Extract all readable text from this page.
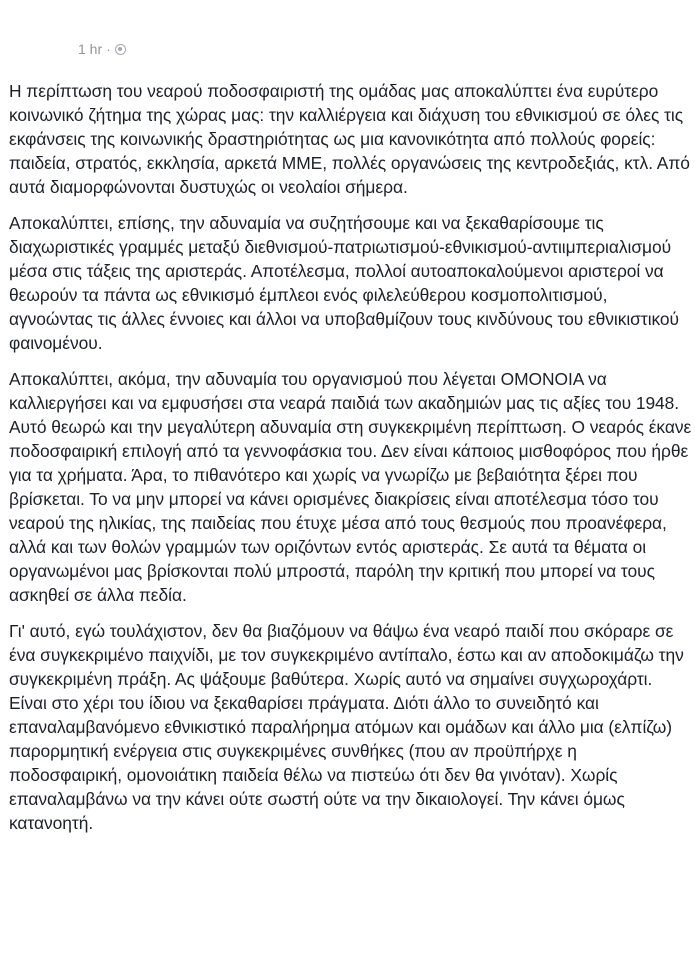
1 hr ·

Η περίπτωση του νεαρού ποδοσφαιριστή της ομάδας μας αποκαλύπτει ένα ευρύτερο κοινωνικό ζήτημα της χώρας μας: την καλλιέργεια και διάχυση του εθνικισμού σε όλες τις εκφάνσεις της κοινωνικής δραστηριότητας ως μια κανονικότητα από πολλούς φορείς: παιδεία, στρατός, εκκλησία, αρκετά ΜΜΕ, πολλές οργανώσεις της κεντροδεξιάς, κτλ. Από αυτά διαμορφώνονται δυστυχώς οι νεολαίοι σήμερα.

Αποκαλύπτει, επίσης, την αδυναμία να συζητήσουμε και να ξεκαθαρίσουμε τις διαχωριστικές γραμμές μεταξύ διεθνισμού-πατριωτισμού-εθνικισμού-αντιιμπεριαλισμού μέσα στις τάξεις της αριστεράς. Αποτέλεσμα, πολλοί αυτοαποκαλούμενοι αριστεροί να θεωρούν τα πάντα ως εθνικισμό έμπλεοι ενός φιλελεύθερου κοσμοπολιτισμού, αγνοώντας τις άλλες έννοιες και άλλοι να υποβαθμίζουν τους κινδύνους του εθνικιστικού φαινομένου.

Αποκαλύπτει, ακόμα, την αδυναμία του οργανισμού που λέγεται ΟΜΟΝΟΙΑ να καλλιεργήσει και να εμφυσήσει στα νεαρά παιδιά των ακαδημιών μας τις αξίες του 1948. Αυτό θεωρώ και την μεγαλύτερη αδυναμία στη συγκεκριμένη περίπτωση. Ο νεαρός έκανε ποδοσφαιρική επιλογή από τα γεννοφάσκια του. Δεν είναι κάποιος μισθοφόρος που ήρθε για τα χρήματα. Άρα, το πιθανότερο και χωρίς να γνωρίζω με βεβαιότητα ξέρει που βρίσκεται. Το να μην μπορεί να κάνει ορισμένες διακρίσεις είναι αποτέλεσμα τόσο του νεαρού της ηλικίας, της παιδείας που έτυχε μέσα από τους θεσμούς που προανέφερα, αλλά και των θολών γραμμών των οριζόντων εντός αριστεράς. Σε αυτά τα θέματα οι οργανωμένοι μας βρίσκονται πολύ μπροστά, παρόλη την κριτική που μπορεί να τους ασκηθεί σε άλλα πεδία.

Γι' αυτό, εγώ τουλάχιστον, δεν θα βιαζόμουν να θάψω ένα νεαρό παιδί που σκόραρε σε ένα συγκεκριμένο παιχνίδι, με τον συγκεκριμένο αντίπαλο, έστω και αν αποδοκιμάζω την συγκεκριμένη πράξη. Ας ψάξουμε βαθύτερα. Χωρίς αυτό να σημαίνει συγχωροχάρτι. Είναι στο χέρι του ίδιου να ξεκαθαρίσει πράγματα. Διότι άλλο το συνειδητό και επαναλαμβανόμενο εθνικιστικό παραλήρημα ατόμων και ομάδων και άλλο μια (ελπίζω) παρορμητική ενέργεια στις συγκεκριμένες συνθήκες (που αν προϋπήρχε η ποδοσφαιρική, ομονοιάτικη παιδεία θέλω να πιστεύω ότι δεν θα γινόταν). Χωρίς επαναλαμβάνω να την κάνει ούτε σωστή ούτε να την δικαιολογεί. Την κάνει όμως κατανοητή.
